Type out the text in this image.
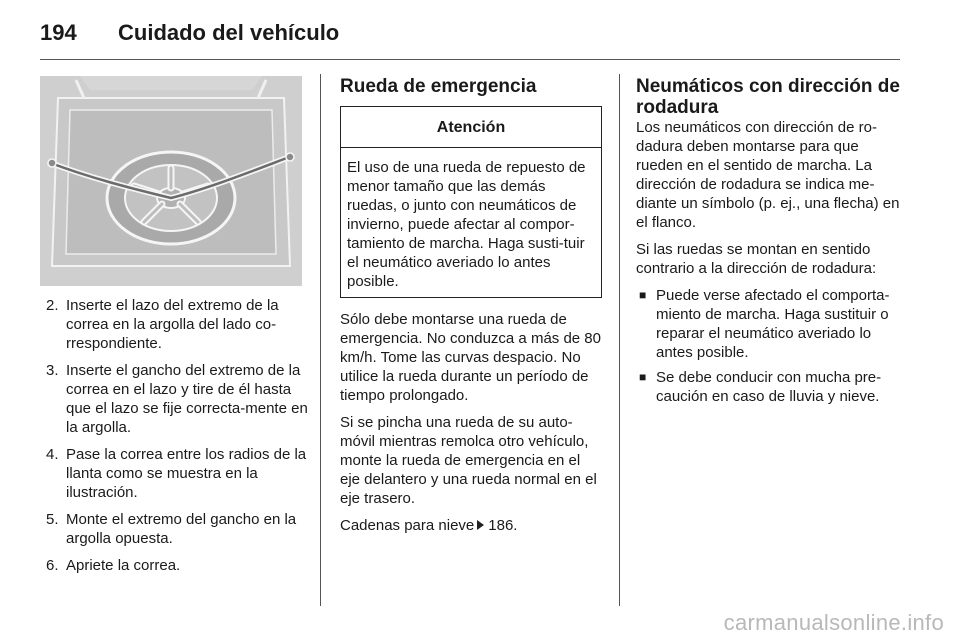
194 Cuidado del vehículo
2. Inserte el lazo del extremo de la correa en la argolla del lado co-rrespondiente.
3. Inserte el gancho del extremo de la correa en el lazo y tire de él hasta que el lazo se fije correcta-mente en la argolla.
4. Pase la correa entre los radios de la llanta como se muestra en la ilustración.
5. Monte el extremo del gancho en la argolla opuesta.
6. Apriete la correa.
Rueda de emergencia
Atención
El uso de una rueda de repuesto de menor tamaño que las demás ruedas, o junto con neumáticos de invierno, puede afectar al compor-tamiento de marcha. Haga susti-tuir el neumático averiado lo antes posible.

Sólo debe montarse una rueda de emergencia. No conduzca a más de 80 km/h. Tome las curvas despacio. No utilice la rueda durante un período de tiempo prolongado.

Si se pincha una rueda de su auto-móvil mientras remolca otro vehículo, monte la rueda de emergencia en el eje delantero y una rueda normal en el eje trasero.

Cadenas para nieve 186.

Neumáticos con dirección de rodadura

Los neumáticos con dirección de ro-dadura deben montarse para que rueden en el sentido de marcha. La dirección de rodadura se indica me-diante un símbolo (p. ej., una flecha) en el flanco.

Si las ruedas se montan en sentido contrario a la dirección de rodadura:

■ Puede verse afectado el comporta-miento de marcha. Haga sustituir o reparar el neumático averiado lo antes posible.
■ Se debe conducir con mucha pre-caución en caso de lluvia y nieve.
carmanualsonline.info
